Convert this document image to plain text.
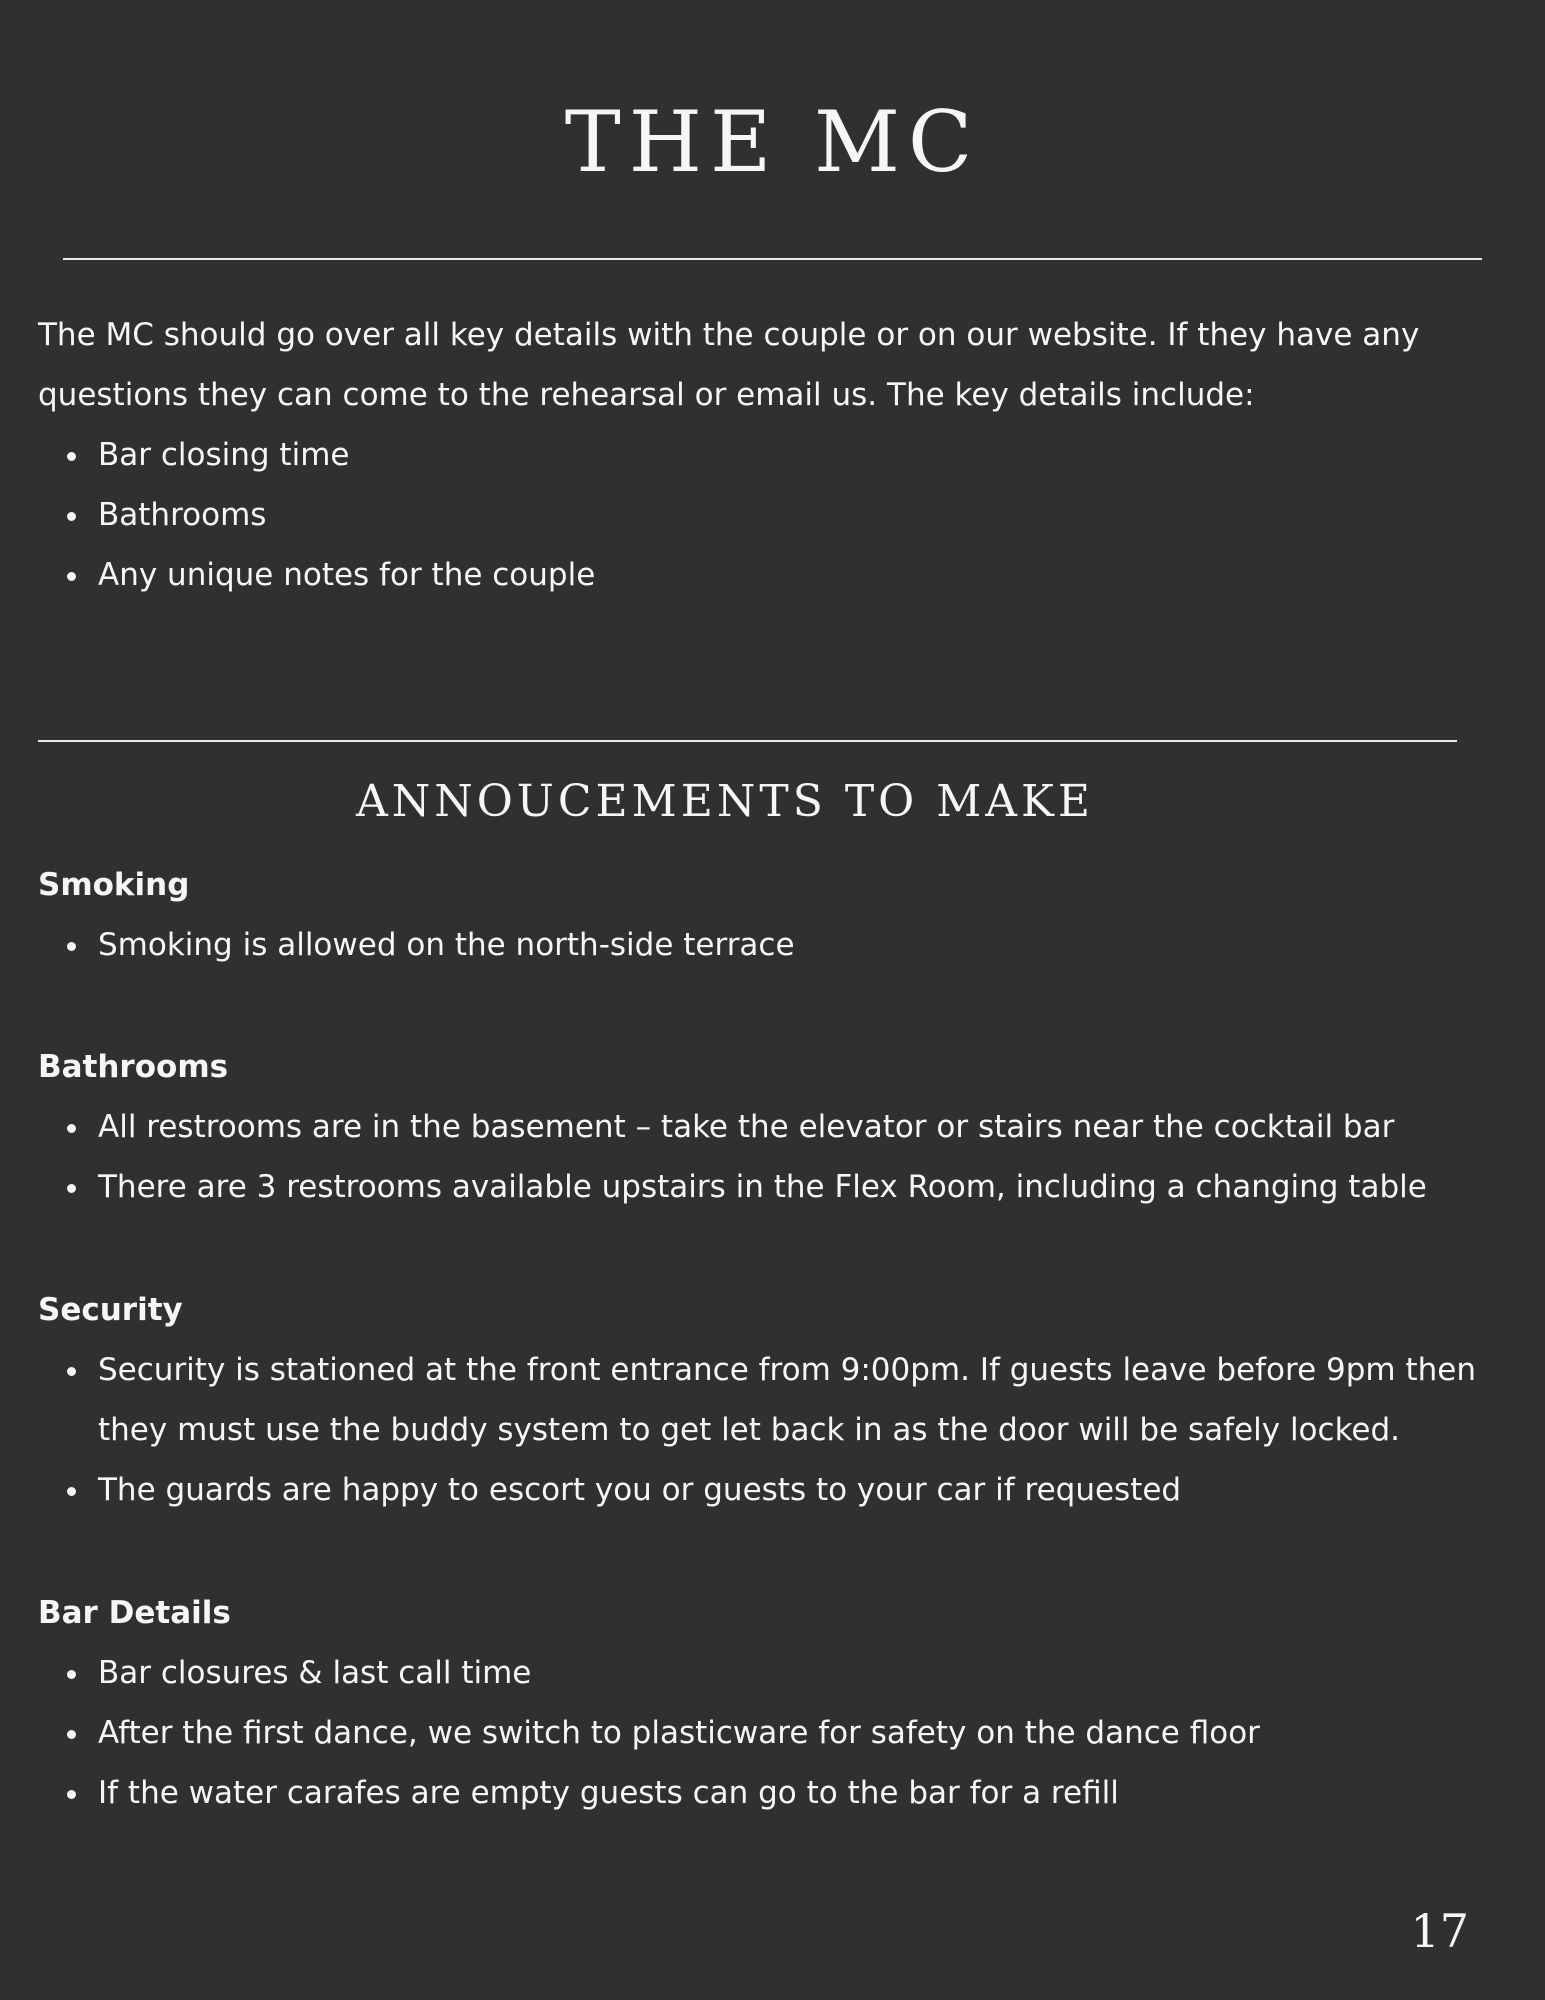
THE MC

The MC should go over all key details with the couple or on our website. If they have any questions they can come to the rehearsal or email us. The key details include:

Bar closing time
Bathrooms
Any unique notes for the couple
ANNOUCEMENTS TO MAKE
Smoking
Smoking is allowed on the north-side terrace
Bathrooms
All restrooms are in the basement – take the elevator or stairs near the cocktail bar
There are 3 restrooms available upstairs in the Flex Room, including a changing table
Security
Security is stationed at the front entrance from 9:00pm. If guests leave before 9pm then they must use the buddy system to get let back in as the door will be safely locked.
The guards are happy to escort you or guests to your car if requested
Bar Details
Bar closures & last call time
After the first dance, we switch to plasticware for safety on the dance floor
If the water carafes are empty guests can go to the bar for a refill
17
